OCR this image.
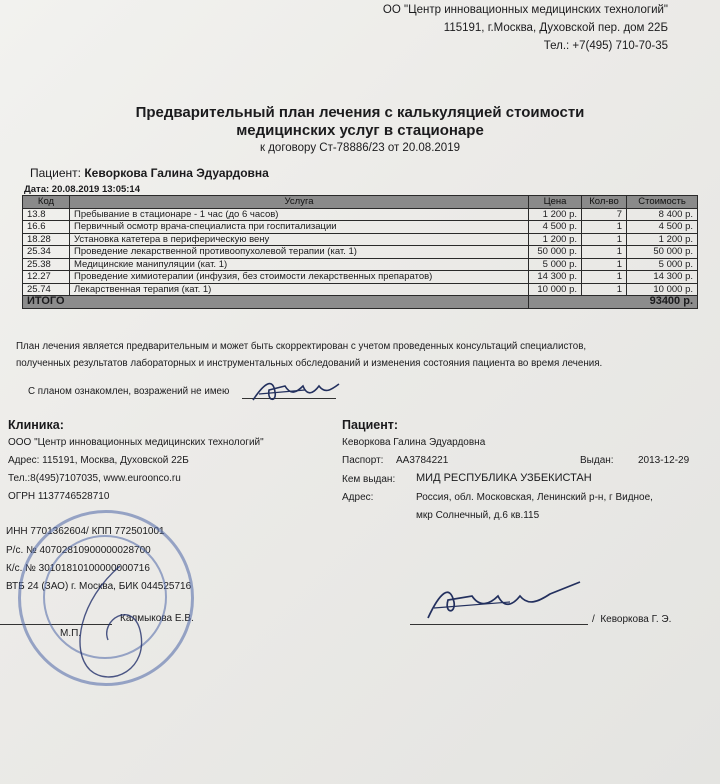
ОО "Центр инновационных медицинских технологий"
115191, г.Москва, Духовской пер. дом 22Б
Тел.: +7(495) 710-70-35
Предварительный план лечения с калькуляцией стоимости
медицинских услуг в стационаре
к договору Ст-78886/23 от 20.08.2019
Пациент: Кеворкова Галина Эдуардовна
Дата: 20.08.2019 13:05:14
Код	Услуга	Цена	Кол-во	Стоимость
13.8	Пребывание в стационаре - 1 час (до 6 часов)	1 200 р.	7	8 400 р.
16.6	Первичный осмотр врача-специалиста при госпитализации	4 500 р.	1	4 500 р.
18.28	Установка катетера в периферическую вену	1 200 р.	1	1 200 р.
25.34	Проведение лекарственной противоопухолевой терапии (кат. 1)	50 000 р.	1	50 000 р.
25.38	Медицинские манипуляции (кат. 1)	5 000 р.	1	5 000 р.
12.27	Проведение химиотерапии (инфузия, без стоимости лекарственных препаратов)	14 300 р.	1	14 300 р.
25.74	Лекарственная терапия (кат. 1)	10 000 р.	1	10 000 р.
ИТОГО		93400 р.		
План лечения является предварительным и может быть скорректирован с учетом проведенных консультаций специалистов,
полученных результатов лабораторных и инструментальных обследований и изменения состояния пациента во время лечения.
С планом ознакомлен, возражений не имею
Клиника:
ООО "Центр инновационных медицинских технологий"
Адрес: 115191, Москва, Духовской 22Б
Тел.:8(495)7107035, www.euroonco.ru
ОГРН 1137746528710
ИНН 7701362604/ КПП 772501001
Р/с. № 40702810900000028700
К/с. № 30101810100000000716
ВТБ 24 (ЗАО) г. Москва, БИК 044525716
Калмыкова Е.В.
М.П.
Пациент:
Кеворкова Галина Эдуардовна
Паспорт: AA3784221	Выдан: 2013-12-29
Кем выдан: МИД РЕСПУБЛИКА УЗБЕКИСТАН
Адрес:	Россия, обл. Московская, Ленинский р-н, г Видное,
мкр Солнечный, д.6 кв.115
/  Кеворкова Г. Э.
